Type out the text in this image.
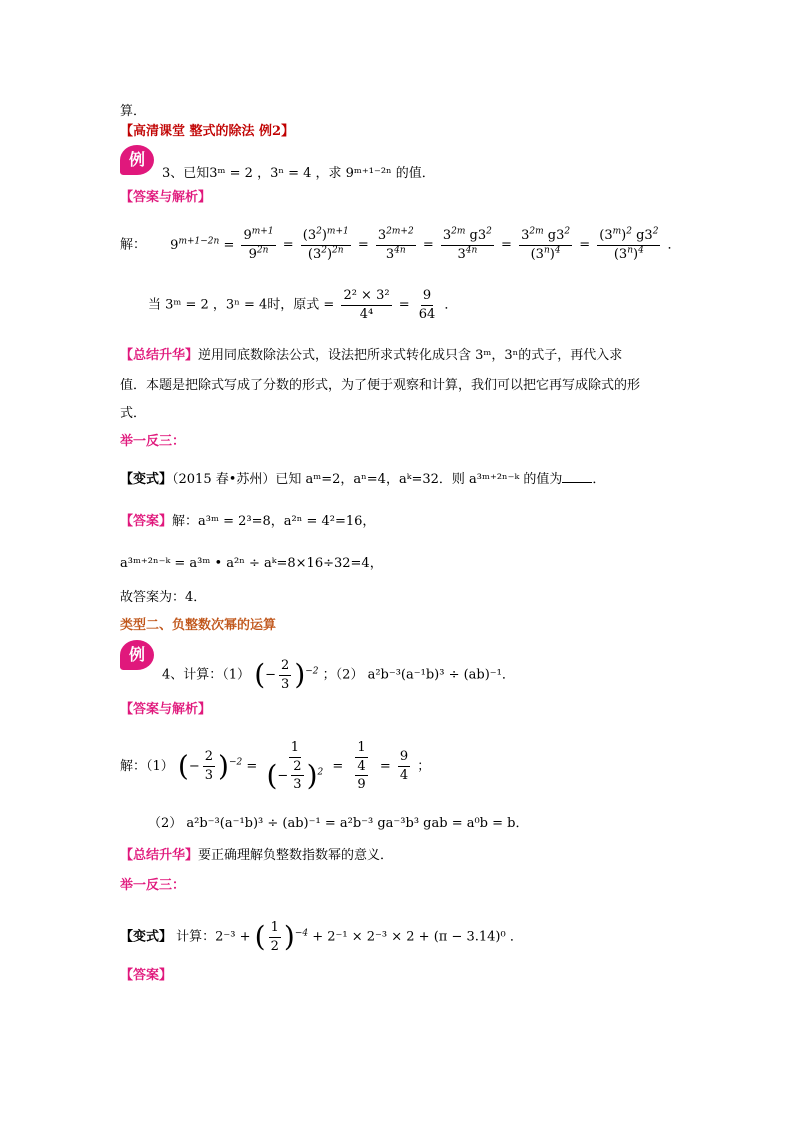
算．
【高清课堂 整式的除法 例2】
例
3、已知3ᵐ = 2 ，3ⁿ = 4 ，求 9ᵐ⁺¹⁻²ⁿ 的值．
【答案与解析】
解： $9^{m+1-2n} = \frac{9^{m+1}}{9^{2n}} = \frac{(3^2)^{m+1}}{(3^2)^{2n}} = \frac{3^{2m+2}}{3^{4n}} = \frac{3^{2m} g3^2}{3^{4n}} = \frac{3^{2m} g3^2}{(3^n)^4} = \frac{(3^m)^2 g3^2}{(3^n)^4}$ ．
当 3ᵐ = 2 ，3ⁿ = 4时，原式 = $\frac{\text{2² × 3²}}{\text{4⁴}} = \frac{9}{64}$ ．
【总结升华】逆用同底数除法公式，设法把所求式转化成只含 3ᵐ，3ⁿ的式子，再代入求
值．本题是把除式写成了分数的形式，为了便于观察和计算，我们可以把它再写成除式的形
式．
举一反三：
【变式】（2015 春•苏州）已知 aᵐ=2，aⁿ=4，aᵏ=32．则 a³ᵐ⁺²ⁿ⁻ᵏ 的值为 ．
【答案】解：a³ᵐ = 2³=8，a²ⁿ = 4²=16，
a³ᵐ⁺²ⁿ⁻ᵏ = a³ᵐ • a²ⁿ ÷ aᵏ=8×16÷32=4，
故答案为：4．
类型二、负整数次幂的运算
例
4、计算：（1） (− $\frac{2}{3} )^{-2}$ ；（2） a²b⁻³(a⁻¹b)³ ÷ (ab)⁻¹．
【答案与解析】
解：（1） (− $\frac{2}{3} )^{-2} = \frac{1}{(- \frac{2}{3} )^2} = \frac{1}{\frac{4}{9}} = \frac{9}{4}$ ；
（2） a²b⁻³(a⁻¹b)³ ÷ (ab)⁻¹ = a²b⁻³ ga⁻³b³ gab = a⁰b = b．
【总结升华】要正确理解负整数指数幂的意义．
举一反三：
【变式】 计算：2⁻³ + ( $\frac{1}{2} )^{-4} + 2^{-1} \times 2^{-3} \times 2 + (\pi - 3.14)^0$ ．
【答案】
